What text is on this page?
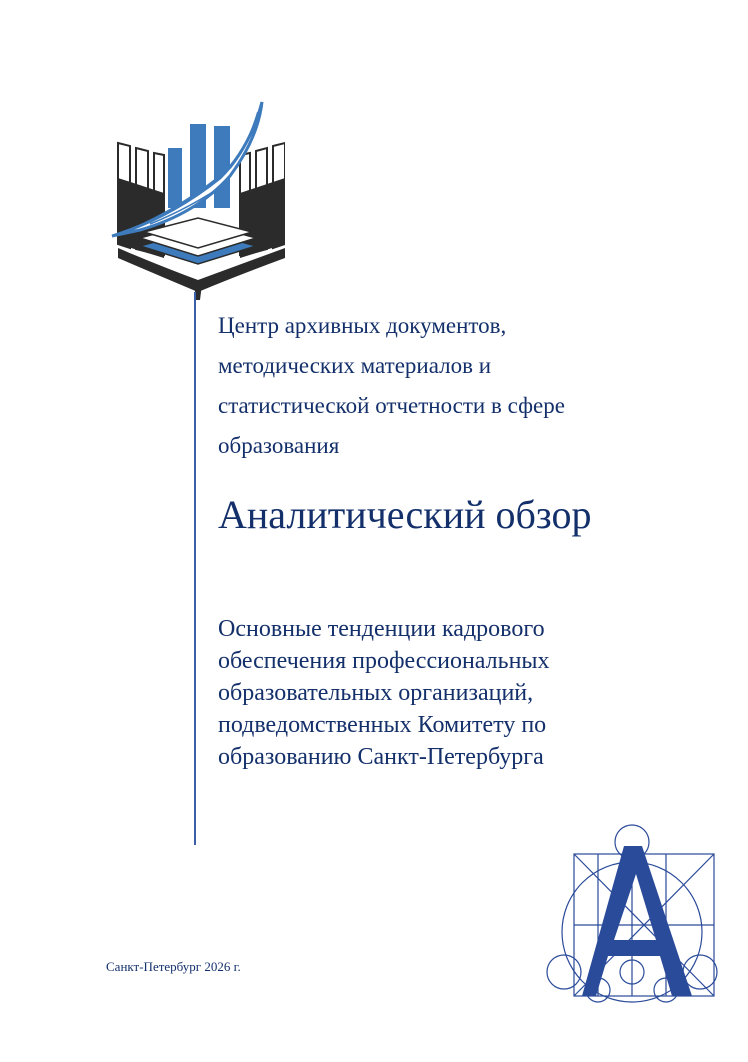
Центр архивных документов, методических материалов и статистической отчетности в сфере образования

Аналитический обзор

Основные тенденции кадрового обеспечения профессиональных образовательных организаций, подведомственных Комитету по образованию Санкт-Петербурга

Санкт-Петербург 2026 г.
